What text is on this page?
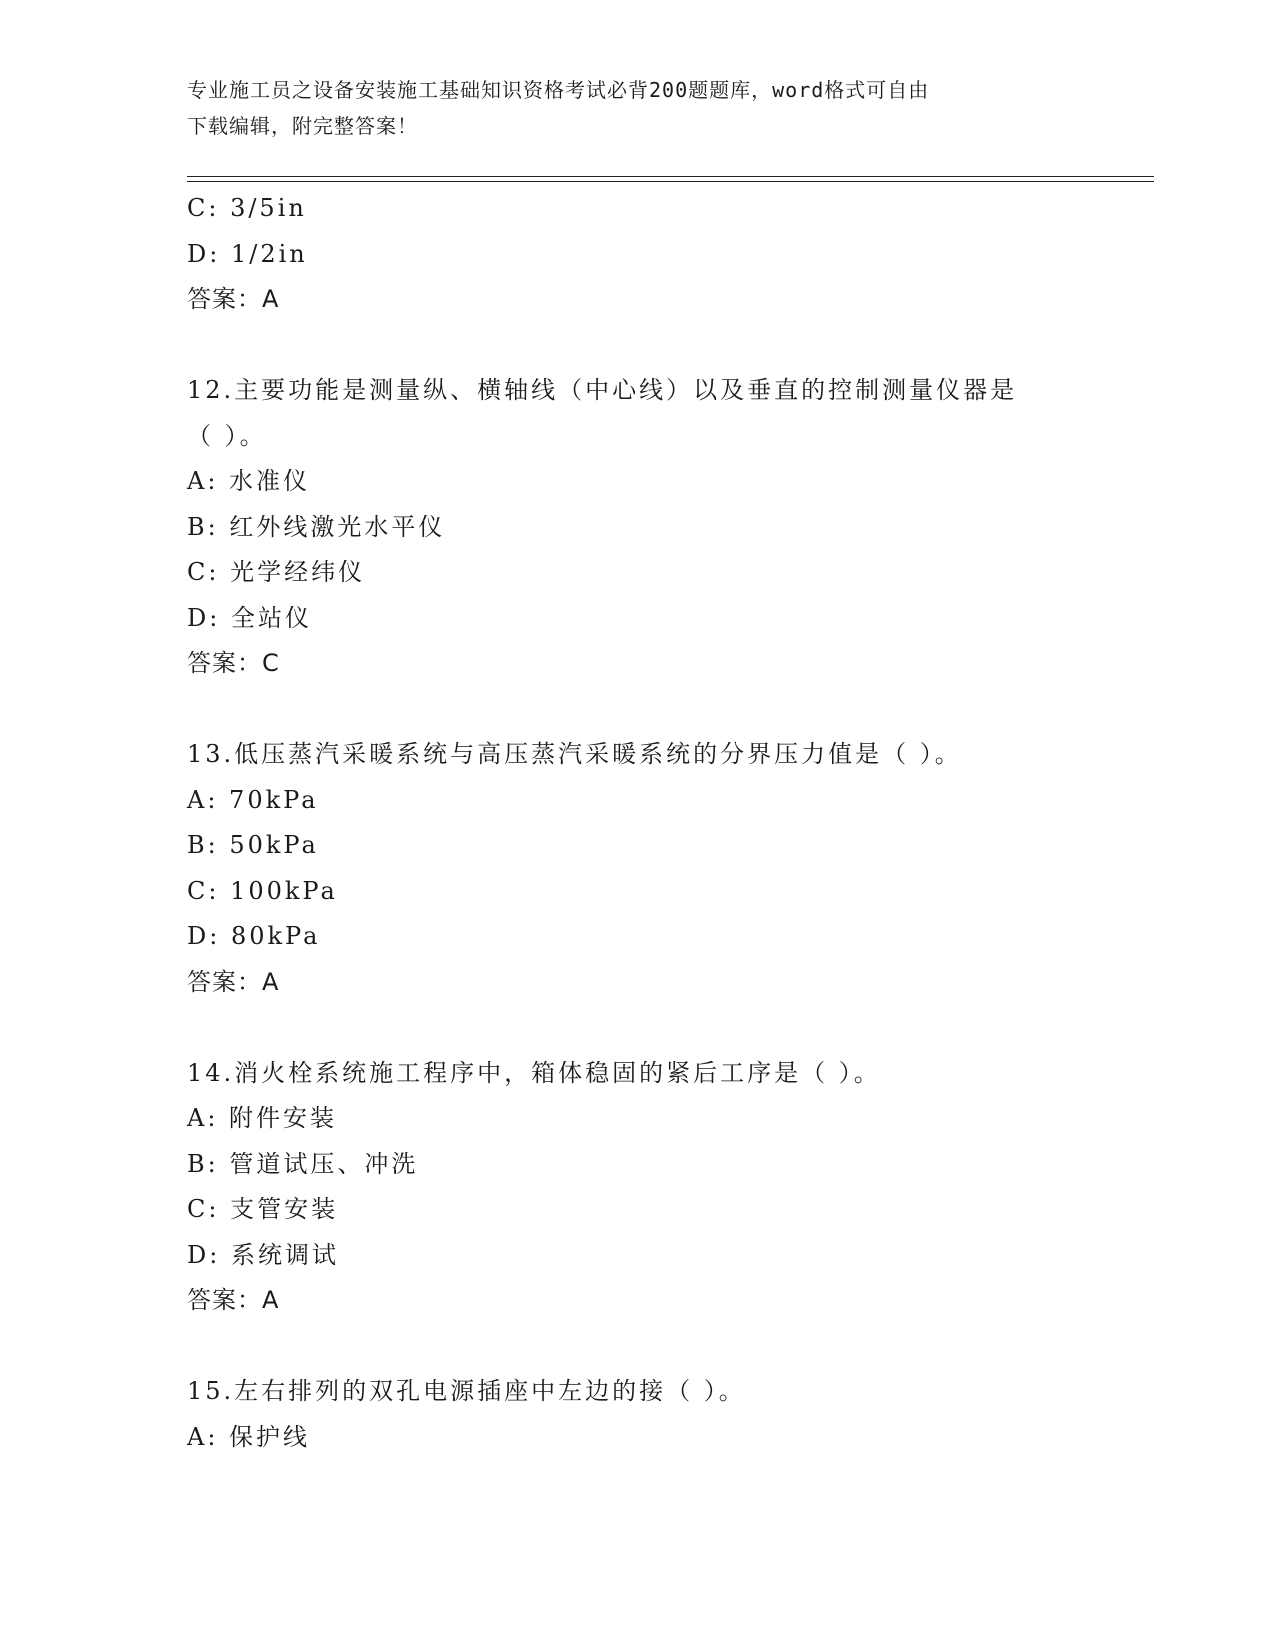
专业施工员之设备安装施工基础知识资格考试必背200题题库，word格式可自由
下载编辑，附完整答案！
C: 3/5in
D: 1/2in
答案：A
12.主要功能是测量纵、横轴线（中心线）以及垂直的控制测量仪器是
（ ）。
A: 水准仪
B: 红外线激光水平仪
C: 光学经纬仪
D: 全站仪
答案：C
13.低压蒸汽采暖系统与高压蒸汽采暖系统的分界压力值是（ ）。
A: 70kPa
B: 50kPa
C: 100kPa
D: 80kPa
答案：A
14.消火栓系统施工程序中，箱体稳固的紧后工序是（ ）。
A: 附件安装
B: 管道试压、冲洗
C: 支管安装
D: 系统调试
答案：A
15.左右排列的双孔电源插座中左边的接（ ）。
A: 保护线
